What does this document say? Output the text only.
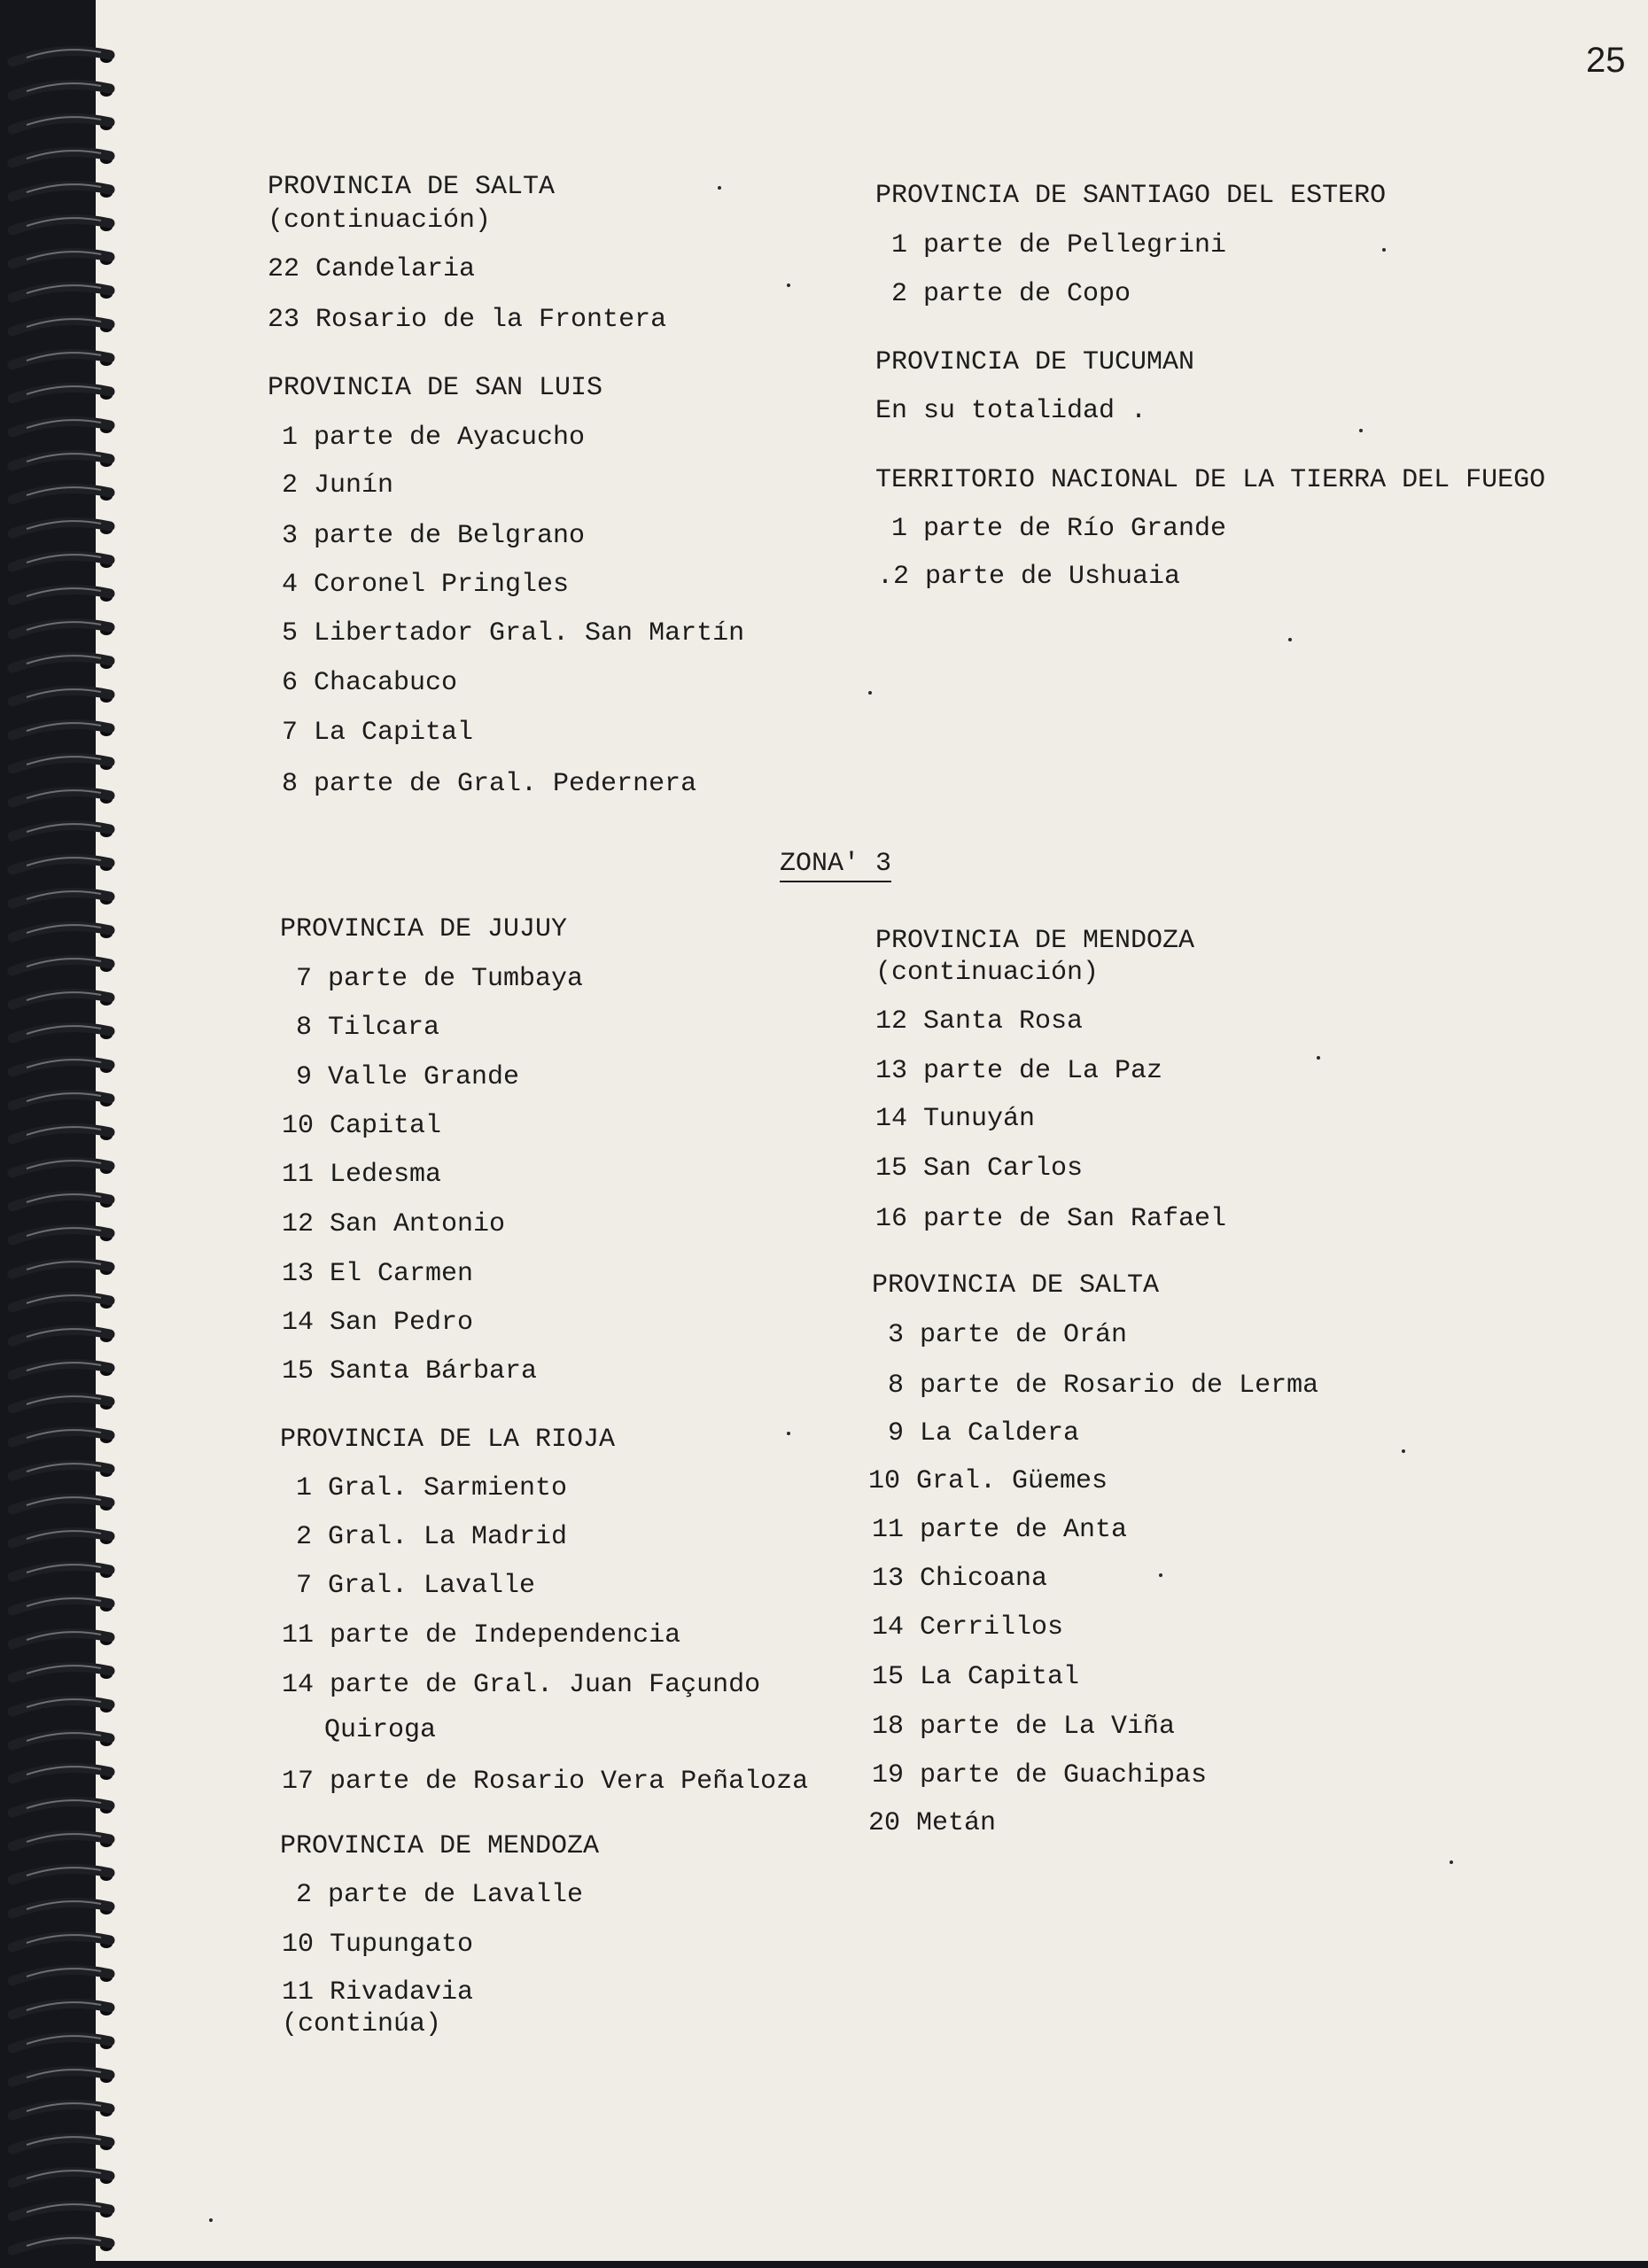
25
PROVINCIA DE SALTA
(continuación)
22 Candelaria
23 Rosario de la Frontera
PROVINCIA DE SAN LUIS
1 parte de Ayacucho
2 Junín
3 parte de Belgrano
4 Coronel Pringles
5 Libertador Gral. San Martín
6 Chacabuco
7 La Capital
8 parte de Gral. Pedernera
PROVINCIA DE SANTIAGO DEL ESTERO
1 parte de Pellegrini
2 parte de Copo
PROVINCIA DE TUCUMAN
En su totalidad .
TERRITORIO NACIONAL DE LA TIERRA DEL FUEGO
1 parte de Río Grande
.2 parte de Ushuaia
ZONA' 3
PROVINCIA DE JUJUY
7 parte de Tumbaya
8 Tilcara
9 Valle Grande
10 Capital
11 Ledesma
12 San Antonio
13 El Carmen
14 San Pedro
15 Santa Bárbara
PROVINCIA DE LA RIOJA
1 Gral. Sarmiento
2 Gral. La Madrid
7 Gral. Lavalle
11 parte de Independencia
14 parte de Gral. Juan Façundo
Quiroga
17 parte de Rosario Vera Peñaloza
PROVINCIA DE MENDOZA
2 parte de Lavalle
10 Tupungato
11 Rivadavia
(continúa)
PROVINCIA DE MENDOZA
(continuación)
12 Santa Rosa
13 parte de La Paz
14 Tunuyán
15 San Carlos
16 parte de San Rafael
PROVINCIA DE SALTA
3 parte de Orán
8 parte de Rosario de Lerma
9 La Caldera
10 Gral. Güemes
11 parte de Anta
13 Chicoana
14 Cerrillos
15 La Capital
18 parte de La Viña
19 parte de Guachipas
20 Metán
